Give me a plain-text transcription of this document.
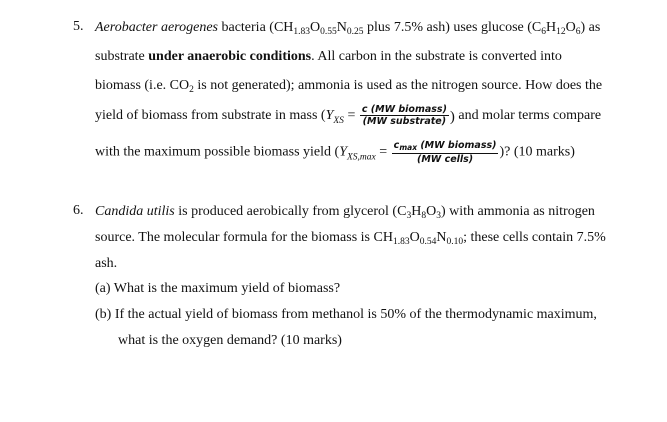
5. Aerobacter aerogenes bacteria ($CH_{1.83}O_{0.55}N_{0.25}$ plus 7.5% ash) uses glucose $(C_6H_{12}O_6)$ as
substrate under anaerobic conditions. All carbon in the substrate is converted into
biomass (i.e. $CO_2$ is not generated); ammonia is used as the nitrogen source. How does the
yield of biomass from substrate in mass ($Y_{XS} = \frac{\text{c (MW biomass)}}{\text{(MW substrate)}}$ ) and molar terms compare
with the maximum possible biomass yield ($Y_{XS,max} = \frac{c_{max} (MW biomass)}{\text{(MW cells)}}$ )? (10 marks)
6. Candida utilis is produced aerobically from glycerol $(C_3H_8O_3)$ with ammonia as nitrogen
source. The molecular formula for the biomass is $CH_{1.83}O_{0.54}N_{0.10}$; these cells contain 7.5%
ash.
(a) What is the maximum yield of biomass?
(b) If the actual yield of biomass from methanol is 50% of the thermodynamic maximum,
what is the oxygen demand? (10 marks)
